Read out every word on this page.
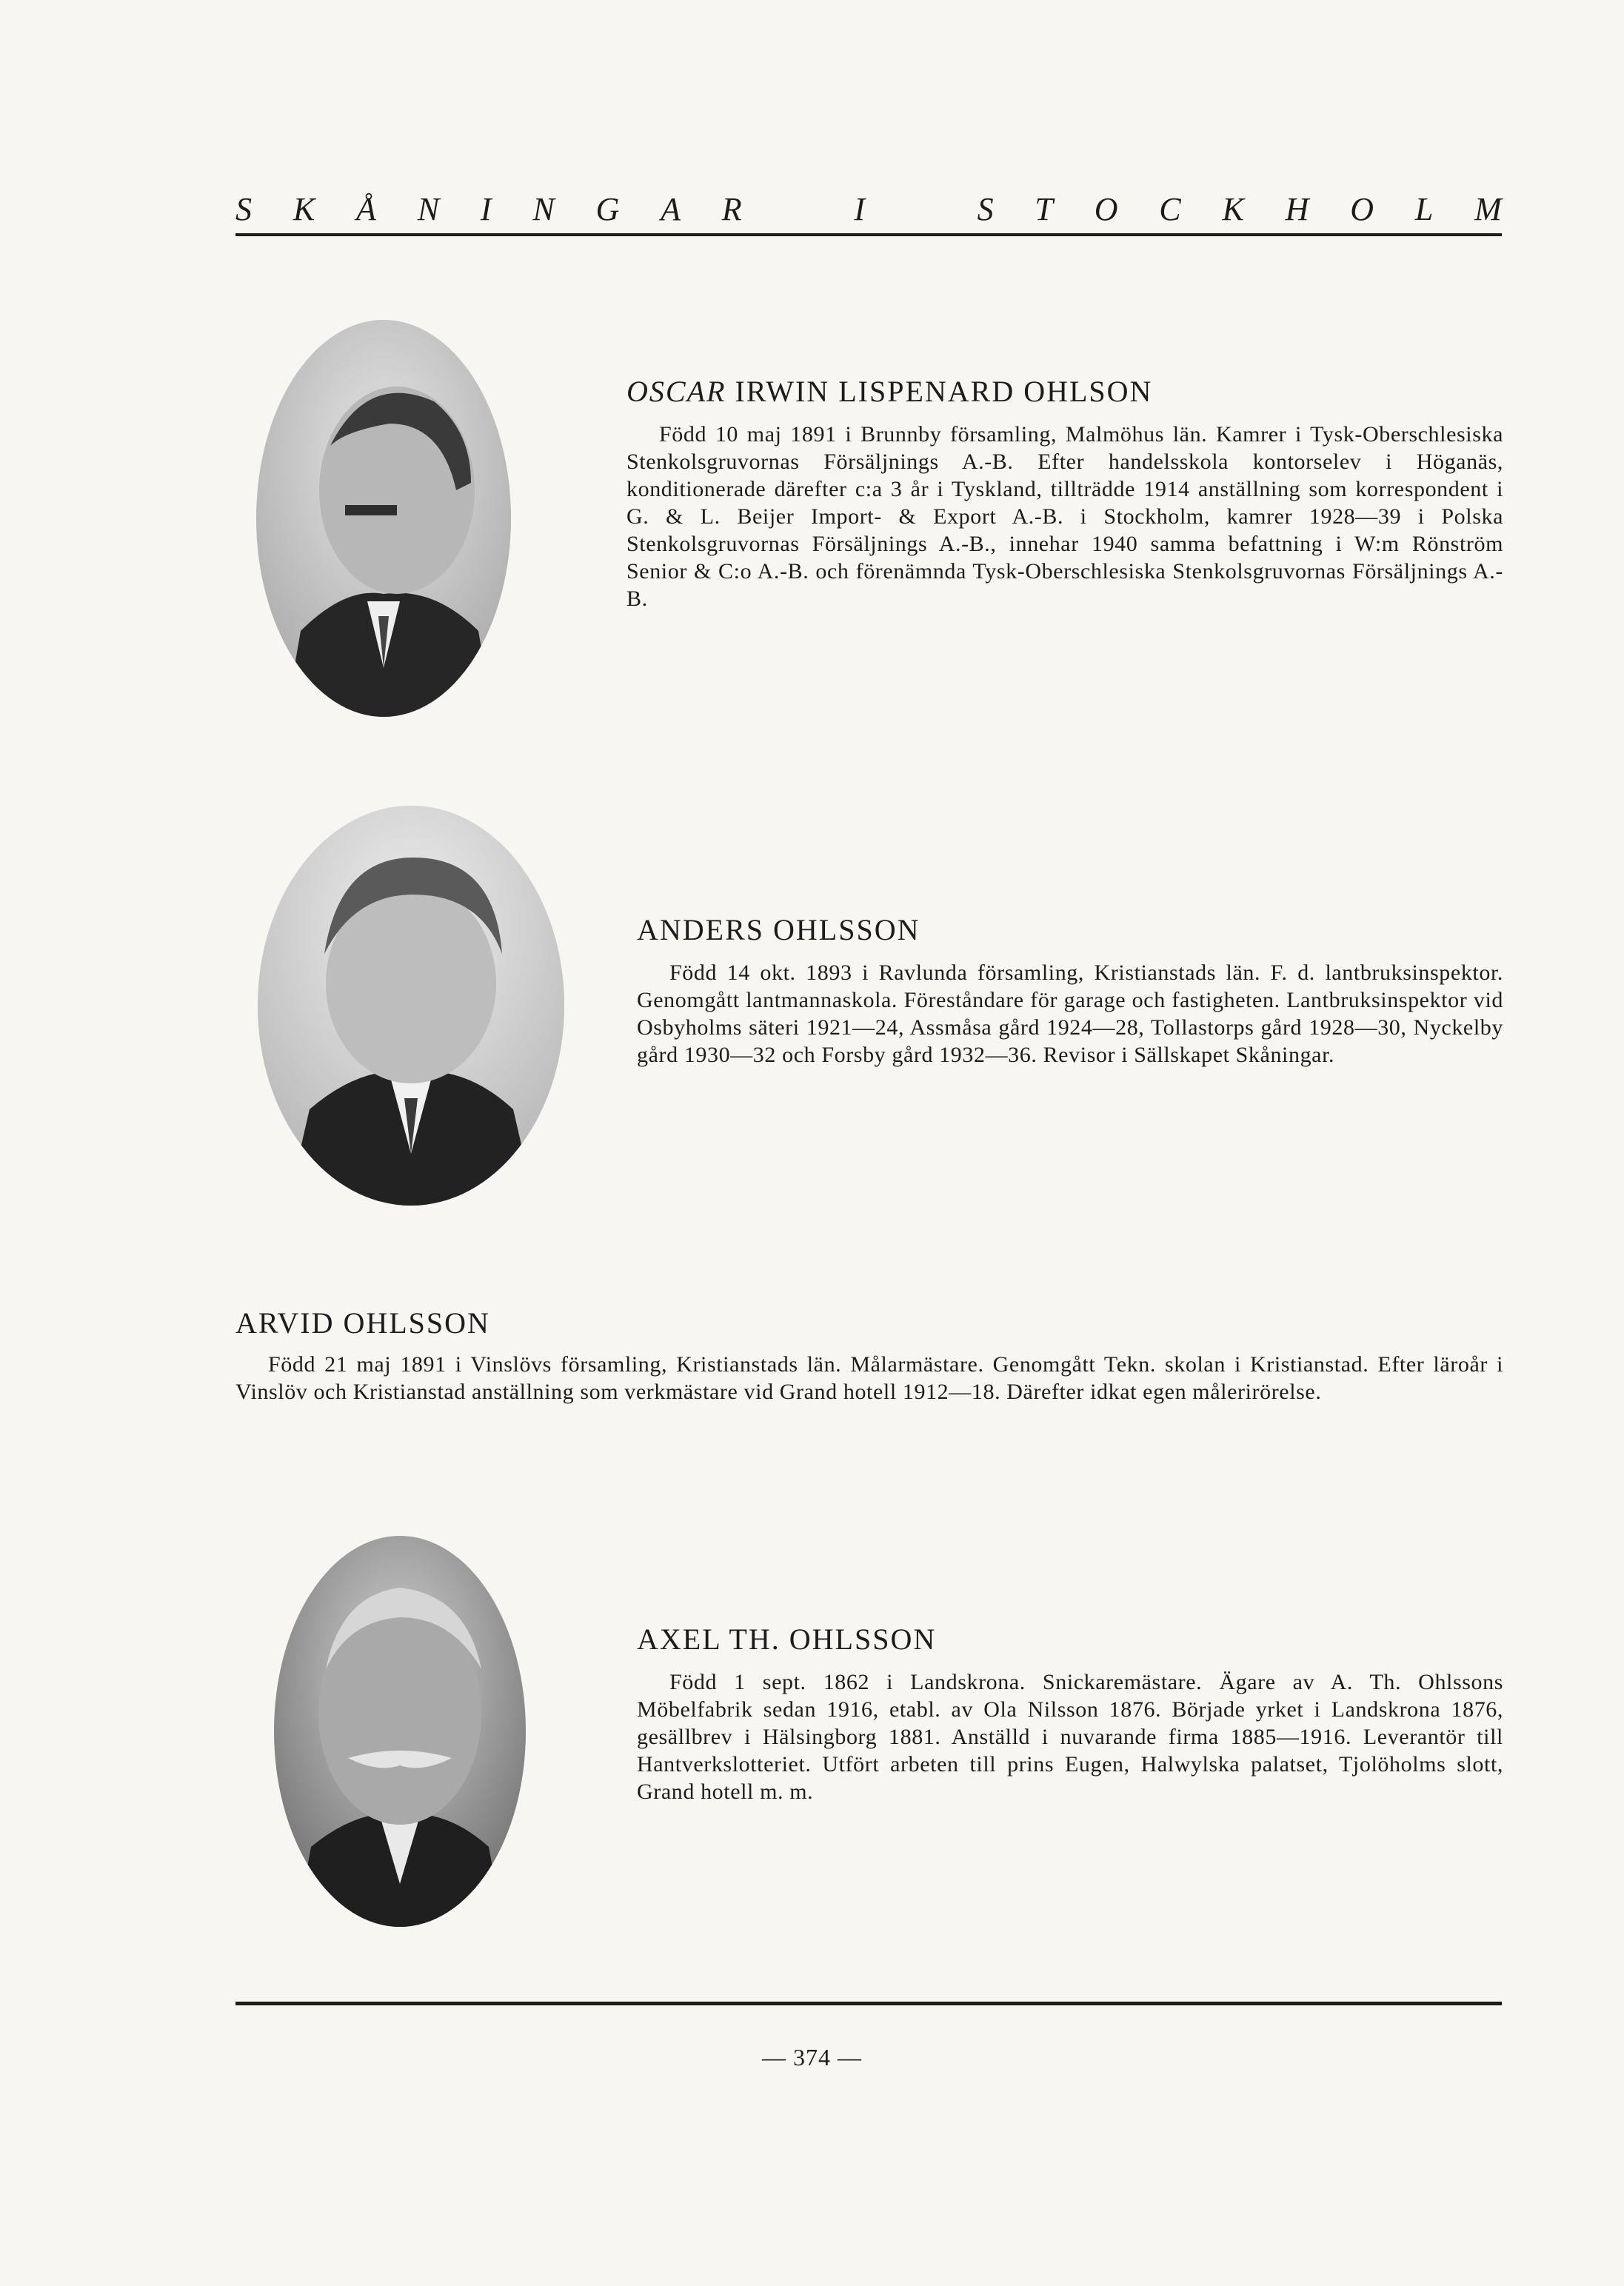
S K Å N I N G A R	I	S T O C K H O L M
OSCAR IRWIN LISPENARD OHLSON
Född 10 maj 1891 i Brunnby församling, Malmöhus län. Kamrer i Tysk-Oberschlesiska Stenkolsgruvornas Försäljnings A.-B. Efter handelsskola kontorselev i Höganäs, konditionerade därefter c:a 3 år i Tyskland, tillträdde 1914 anställning som korrespondent i G. & L. Beijer Import- & Export A.-B. i Stockholm, kamrer 1928—39 i Polska Stenkolsgruvornas Försäljnings A.-B., innehar 1940 samma befattning i W:m Rönström Senior & C:o A.-B. och förenämnda Tysk-Oberschlesiska Stenkolsgruvornas Försäljnings A.-B.
ANDERS OHLSSON
Född 14 okt. 1893 i Ravlunda församling, Kristianstads län. F. d. lantbruksinspektor. Genomgått lantmannaskola. Föreståndare för garage och fastigheten. Lantbruksinspektor vid Osbyholms säteri 1921—24, Assmåsa gård 1924—28, Tollastorps gård 1928—30, Nyckelby gård 1930—32 och Forsby gård 1932—36. Revisor i Sällskapet Skåningar.
ARVID OHLSSON
Född 21 maj 1891 i Vinslövs församling, Kristianstads län. Målarmästare. Genomgått Tekn. skolan i Kristianstad. Efter läroår i Vinslöv och Kristianstad anställning som verkmästare vid Grand hotell 1912—18. Därefter idkat egen målerirörelse.
AXEL TH. OHLSSON
Född 1 sept. 1862 i Landskrona. Snickaremästare. Ägare av A. Th. Ohlssons Möbelfabrik sedan 1916, etabl. av Ola Nilsson 1876. Började yrket i Landskrona 1876, gesällbrev i Hälsingborg 1881. Anställd i nuvarande firma 1885—1916. Leverantör till Hantverkslotteriet. Utfört arbeten till prins Eugen, Halwylska palatset, Tjolöholms slott, Grand hotell m. m.
— 374 —
